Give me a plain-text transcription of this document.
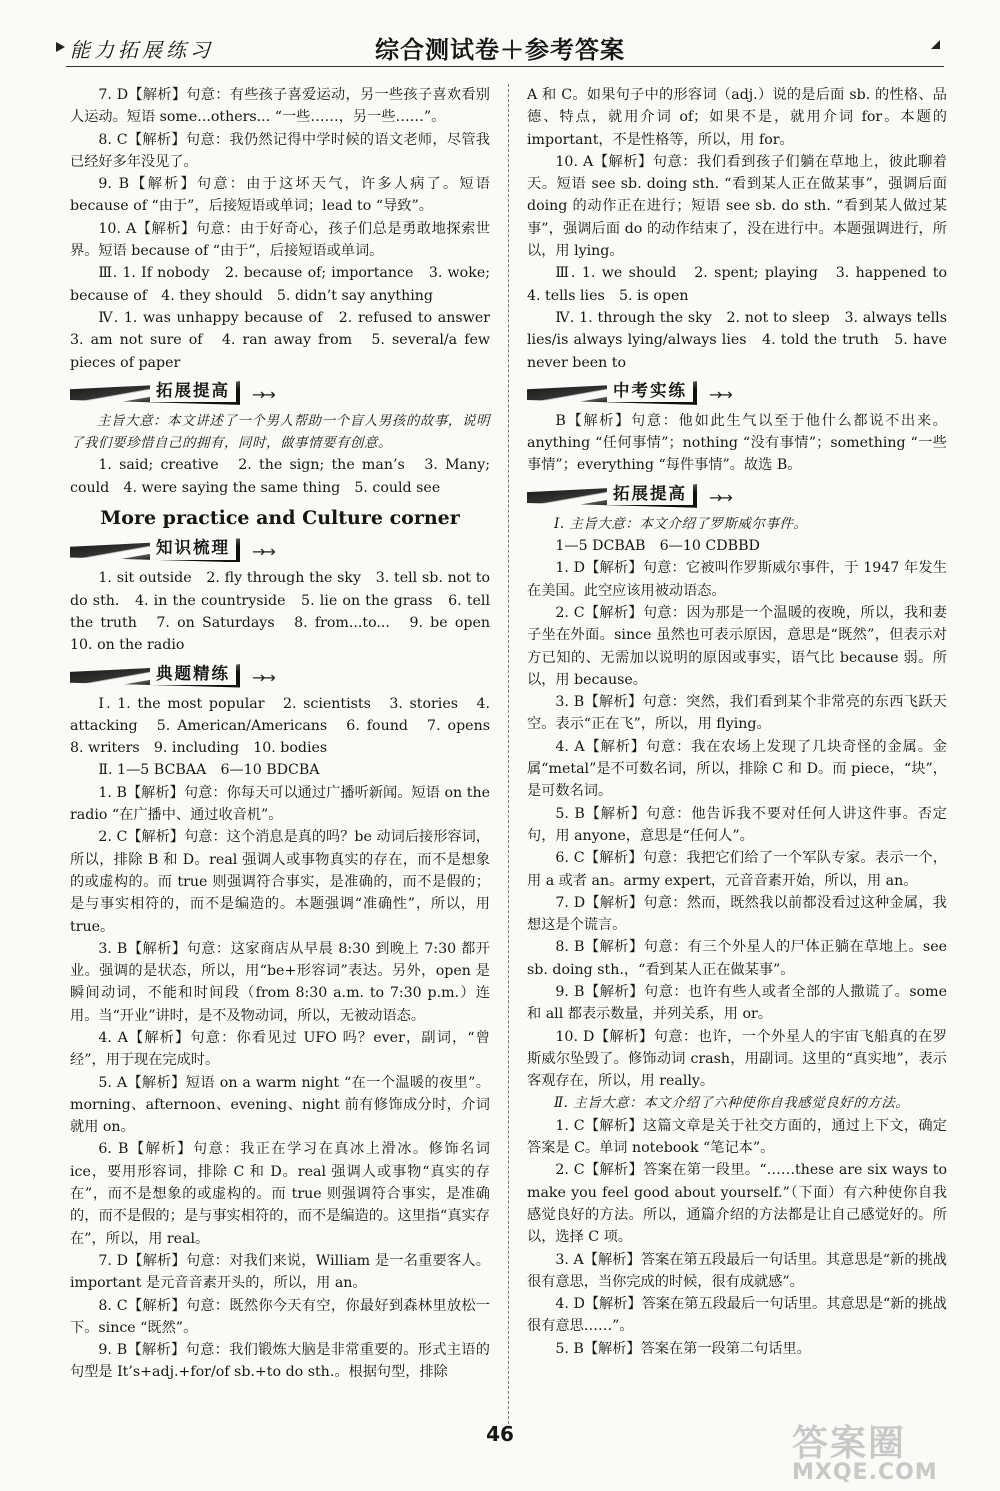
能力拓展练习	综合测试卷＋参考答案

7. D【解析】句意：有些孩子喜爱运动，另一些孩子喜欢看别人运动。短语 some...others... “一些……，另一些……”。

8. C【解析】句意：我仍然记得中学时候的语文老师，尽管我已经好多年没见了。

9. B【解析】句意：由于这坏天气，许多人病了。短语 because of “由于”，后接短语或单词；lead to “导致”。

10. A【解析】句意：由于好奇心，孩子们总是勇敢地探索世界。短语 because of “由于”，后接短语或单词。

Ⅲ. 1. If nobody　2. because of; importance　3. woke; because of　4. they should　5. didn’t say anything

Ⅳ. 1. was unhappy because of　2. refused to answer　3. am not sure of　4. ran away from　5. several/a few pieces of paper

拓展提高	→→

主旨大意：本文讲述了一个男人帮助一个盲人男孩的故事，说明了我们要珍惜自己的拥有，同时，做事情要有创意。

1. said; creative　2. the sign; the man’s　3. Many; could　4. were saying the same thing　5. could see

More practice and Culture corner
知识梳理	→→

1. sit outside　2. fly through the sky　3. tell sb. not to do sth.　4. in the countryside　5. lie on the grass　6. tell the truth　7. on Saturdays　8. from...to...　9. be open　10. on the radio

典题精练	→→

Ⅰ. 1. the most popular　2. scientists　3. stories　4. attacking　5. American/Americans　6. found　7. opens　8. writers　9. including　10. bodies

Ⅱ. 1—5 BCBAA　6—10 BDCBA

1. B【解析】句意：你每天可以通过广播听新闻。短语 on the radio “在广播中、通过收音机”。

2. C【解析】句意：这个消息是真的吗？be 动词后接形容词，所以，排除 B 和 D。real 强调人或事物真实的存在，而不是想象的或虚构的。而 true 则强调符合事实，是准确的，而不是假的；是与事实相符的，而不是编造的。本题强调“准确性”，所以，用 true。

3. B【解析】句意：这家商店从早晨 8:30 到晚上 7:30 都开业。强调的是状态，所以，用“be+形容词”表达。另外，open 是瞬间动词，不能和时间段（from 8:30 a.m. to 7:30 p.m.）连用。当“开业”讲时，是不及物动词，所以，无被动语态。

4. A【解析】句意：你看见过 UFO 吗？ever，副词，“曾经”，用于现在完成时。

5. A【解析】短语 on a warm night “在一个温暖的夜里”。morning、afternoon、evening、night 前有修饰成分时，介词就用 on。

6. B【解析】句意：我正在学习在真冰上滑冰。修饰名词 ice，要用形容词，排除 C 和 D。real 强调人或事物“真实的存在”，而不是想象的或虚构的。而 true 则强调符合事实，是准确的，而不是假的；是与事实相符的，而不是编造的。这里指“真实存在”，所以，用 real。

7. D【解析】句意：对我们来说，William 是一名重要客人。important 是元音音素开头的，所以，用 an。

8. C【解析】句意：既然你今天有空，你最好到森林里放松一下。since “既然”。

9. B【解析】句意：我们锻炼大脑是非常重要的。形式主语的句型是 It’s+adj.+for/of sb.+to do sth.。根据句型，排除

A 和 C。如果句子中的形容词（adj.）说的是后面 sb. 的性格、品德、特点，就用介词 of；如果不是，就用介词 for。本题的 important，不是性格等，所以，用 for。

10. A【解析】句意：我们看到孩子们躺在草地上，彼此聊着天。短语 see sb. doing sth. “看到某人正在做某事”，强调后面 doing 的动作正在进行；短语 see sb. do sth. “看到某人做过某事”，强调后面 do 的动作结束了，没在进行中。本题强调进行，所以，用 lying。

Ⅲ. 1. we should　2. spent; playing　3. happened to　4. tells lies　5. is open

Ⅳ. 1. through the sky　2. not to sleep　3. always tells lies/is always lying/always lies　4. told the truth　5. have never been to

中考实练	→→

B【解析】句意：他如此生气以至于他什么都说不出来。anything “任何事情”；nothing “没有事情”；something “一些事情”；everything “每件事情”。故选 B。

拓展提高	→→

Ⅰ. 主旨大意：本文介绍了罗斯威尔事件。

1—5 DCBAB　6—10 CDBBD

1. D【解析】句意：它被叫作罗斯威尔事件，于 1947 年发生在美国。此空应该用被动语态。

2. C【解析】句意：因为那是一个温暖的夜晚，所以，我和妻子坐在外面。since 虽然也可表示原因，意思是“既然”，但表示对方已知的、无需加以说明的原因或事实，语气比 because 弱。所以，用 because。

3. B【解析】句意：突然，我们看到某个非常亮的东西飞跃天空。表示“正在飞”，所以，用 flying。

4. A【解析】句意：我在农场上发现了几块奇怪的金属。金属“metal”是不可数名词，所以，排除 C 和 D。而 piece，“块”，是可数名词。

5. B【解析】句意：他告诉我不要对任何人讲这件事。否定句，用 anyone，意思是“任何人”。

6. C【解析】句意：我把它们给了一个军队专家。表示一个，用 a 或者 an。army expert，元音音素开始，所以，用 an。

7. D【解析】句意：然而，既然我以前都没看过这种金属，我想这是个谎言。

8. B【解析】句意：有三个外星人的尸体正躺在草地上。see sb. doing sth.，“看到某人正在做某事”。

9. B【解析】句意：也许有些人或者全部的人撒谎了。some 和 all 都表示数量，并列关系，用 or。

10. D【解析】句意：也许，一个外星人的宇宙飞船真的在罗斯威尔坠毁了。修饰动词 crash，用副词。这里的“真实地”，表示客观存在，所以，用 really。

Ⅱ. 主旨大意：本文介绍了六种使你自我感觉良好的方法。

1. C【解析】这篇文章是关于社交方面的，通过上下文，确定答案是 C。单词 notebook “笔记本”。

2. C【解析】答案在第一段里。“……these are six ways to make you feel good about yourself.”（下面）有六种使你自我感觉良好的方法。所以，通篇介绍的方法都是让自己感觉好的。所以，选择 C 项。

3. A【解析】答案在第五段最后一句话里。其意思是“新的挑战很有意思，当你完成的时候，很有成就感”。

4. D【解析】答案在第五段最后一句话里。其意思是“新的挑战很有意思……”。

5. B【解析】答案在第一段第二句话里。

46	答案圈
MXQE.COM
